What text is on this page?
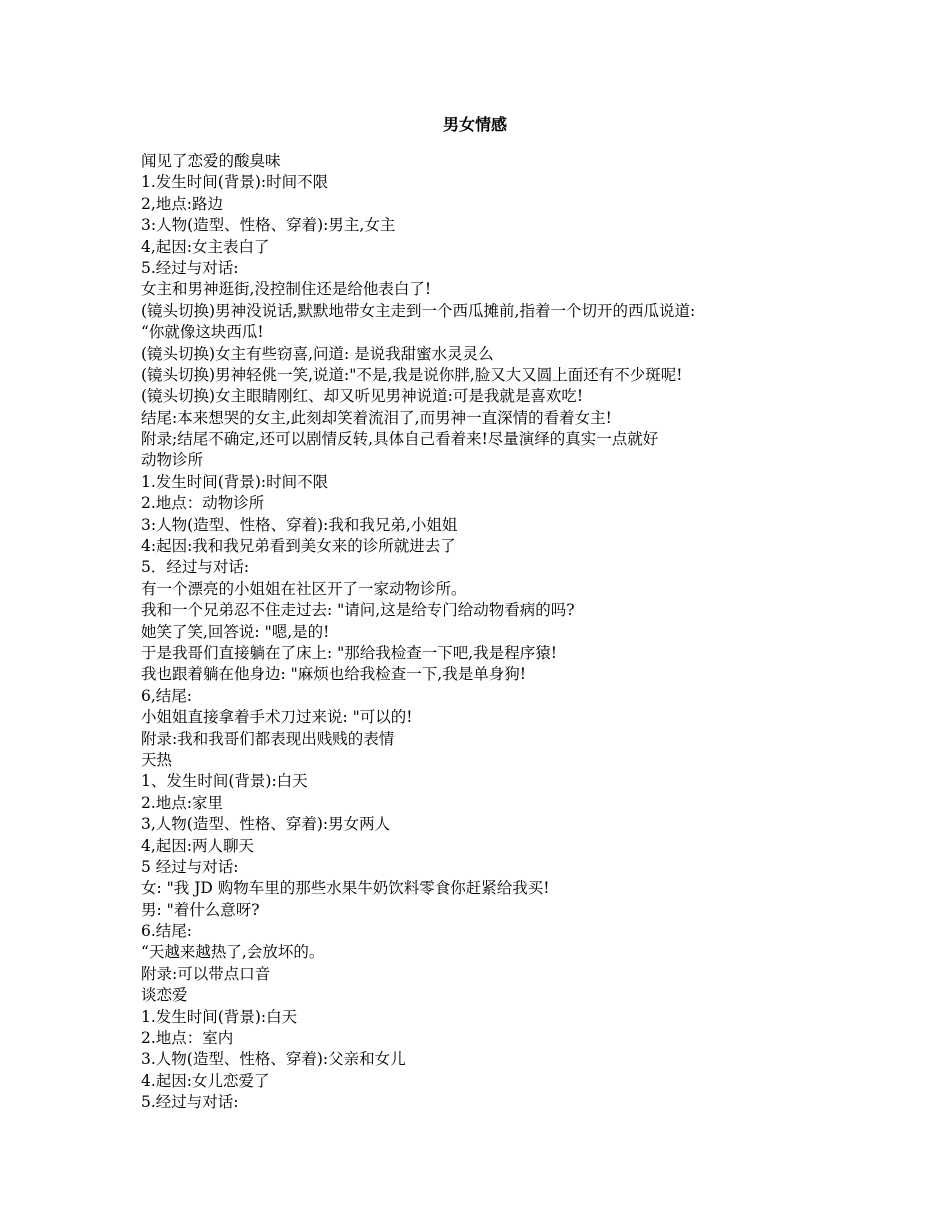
男女情感
闻见了恋爱的酸臭味
1.发生时间(背景):时间不限
2,地点:路边
3:人物(造型、性格、穿着):男主,女主
4,起因:女主表白了
5.经过与对话:
女主和男神逛街,没控制住还是给他表白了!
(镜头切换)男神没说话,默默地带女主走到一个西瓜摊前,指着一个切开的西瓜说道:
“你就像这块西瓜!
(镜头切换)女主有些窃喜,问道: 是说我甜蜜水灵灵么
(镜头切换)男神轻佻一笑,说道:"不是,我是说你胖,脸又大又圆上面还有不少斑呢!
(镜头切换)女主眼睛刚红、却又听见男神说道:可是我就是喜欢吃!
结尾:本来想哭的女主,此刻却笑着流泪了,而男神一直深情的看着女主!
附录;结尾不确定,还可以剧情反转,具体自己看着来!尽量演绎的真实一点就好
动物诊所
1.发生时间(背景):时间不限
2.地点：动物诊所
3:人物(造型、性格、穿着):我和我兄弟,小姐姐
4:起因:我和我兄弟看到美女来的诊所就进去了
5．经过与对话:
有一个漂亮的小姐姐在社区开了一家动物诊所。
我和一个兄弟忍不住走过去: "请问,这是给专门给动物看病的吗?
她笑了笑,回答说: "嗯,是的!
于是我哥们直接躺在了床上: "那给我检查一下吧,我是程序猿!
我也跟着躺在他身边: "麻烦也给我检查一下,我是单身狗!
6,结尾:
小姐姐直接拿着手术刀过来说: "可以的!
附录:我和我哥们都表现出贱贱的表情
天热
1、发生时间(背景):白天
2.地点:家里
3,人物(造型、性格、穿着):男女两人
4,起因:两人聊天
5 经过与对话:
女: "我 JD 购物车里的那些水果牛奶饮料零食你赶紧给我买!
男: "着什么意呀?
6.结尾:
“天越来越热了,会放坏的。
附录:可以带点口音
谈恋爱
1.发生时间(背景):白天
2.地点：室内
3.人物(造型、性格、穿着):父亲和女儿
4.起因:女儿恋爱了
5.经过与对话:
